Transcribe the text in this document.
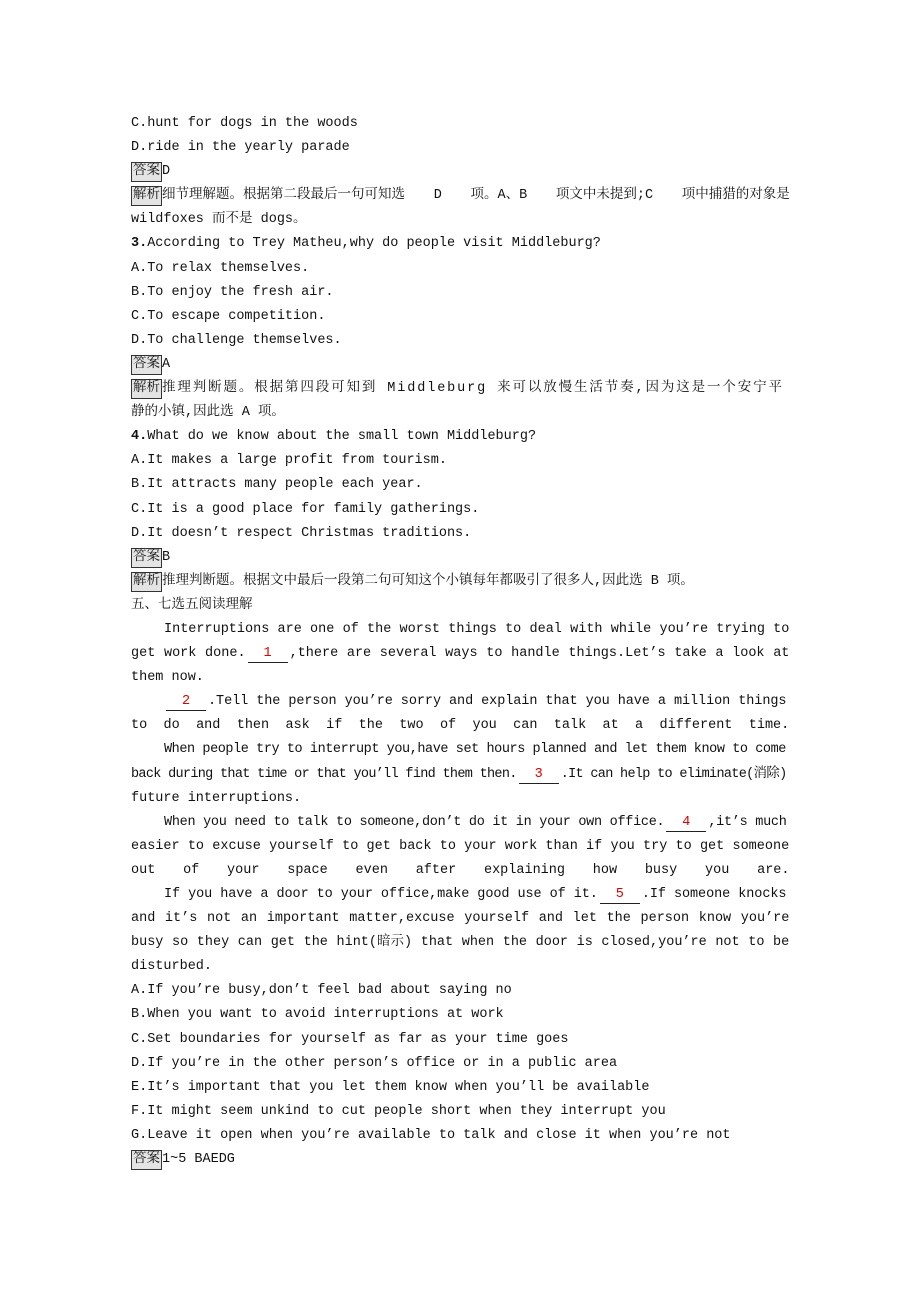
C.hunt for dogs in the woods
D.ride in the yearly parade
答案 D
解析 细节理解题。根据第二段最后一句可知选 D 项。A、B 项文中未提到;C 项中捕猎的对象是
wildfoxes 而不是 dogs。
3.According to Trey Matheu,why do people visit Middleburg?
A.To relax themselves.
B.To enjoy the fresh air.
C.To escape competition.
D.To challenge themselves.
答案 A
解析 推理判断题。根据第四段可知到 Middleburg 来可以放慢生活节奏,因为这是一个安宁平
静的小镇,因此选 A 项。
4.What do we know about the small town Middleburg?
A.It makes a large profit from tourism.
B.It attracts many people each year.
C.It is a good place for family gatherings.
D.It doesn’t respect Christmas traditions.
答案 B
解析 推理判断题。根据文中最后一段第二句可知这个小镇每年都吸引了很多人,因此选 B 项。
五、七选五阅读理解
Interruptions are one of the worst things to deal with while you’re trying to
get work done. 1 ,there are several ways to handle things.Let’s take a look at
them now.
2 .Tell the person you’re sorry and explain that you have a million things
to do and then ask if the two of you can talk at a different time.
When people try to interrupt you,have set hours planned and let them know to come
back during that time or that you’ll find them then. 3 .It can help to eliminate(消除)
future interruptions.
When you need to talk to someone,don’t do it in your own office. 4 ,it’s much
easier to excuse yourself to get back to your work than if you try to get someone
out of your space even after explaining how busy you are.
If you have a door to your office,make good use of it. 5 .If someone knocks
and it’s not an important matter,excuse yourself and let the person know you’re
busy so they can get the hint(暗示) that when the door is closed,you’re not to be
disturbed.
A.If you’re busy,don’t feel bad about saying no
B.When you want to avoid interruptions at work
C.Set boundaries for yourself as far as your time goes
D.If you’re in the other person’s office or in a public area
E.It’s important that you let them know when you’ll be available
F.It might seem unkind to cut people short when they interrupt you
G.Leave it open when you’re available to talk and close it when you’re not
答案 1~5 BAEDG
